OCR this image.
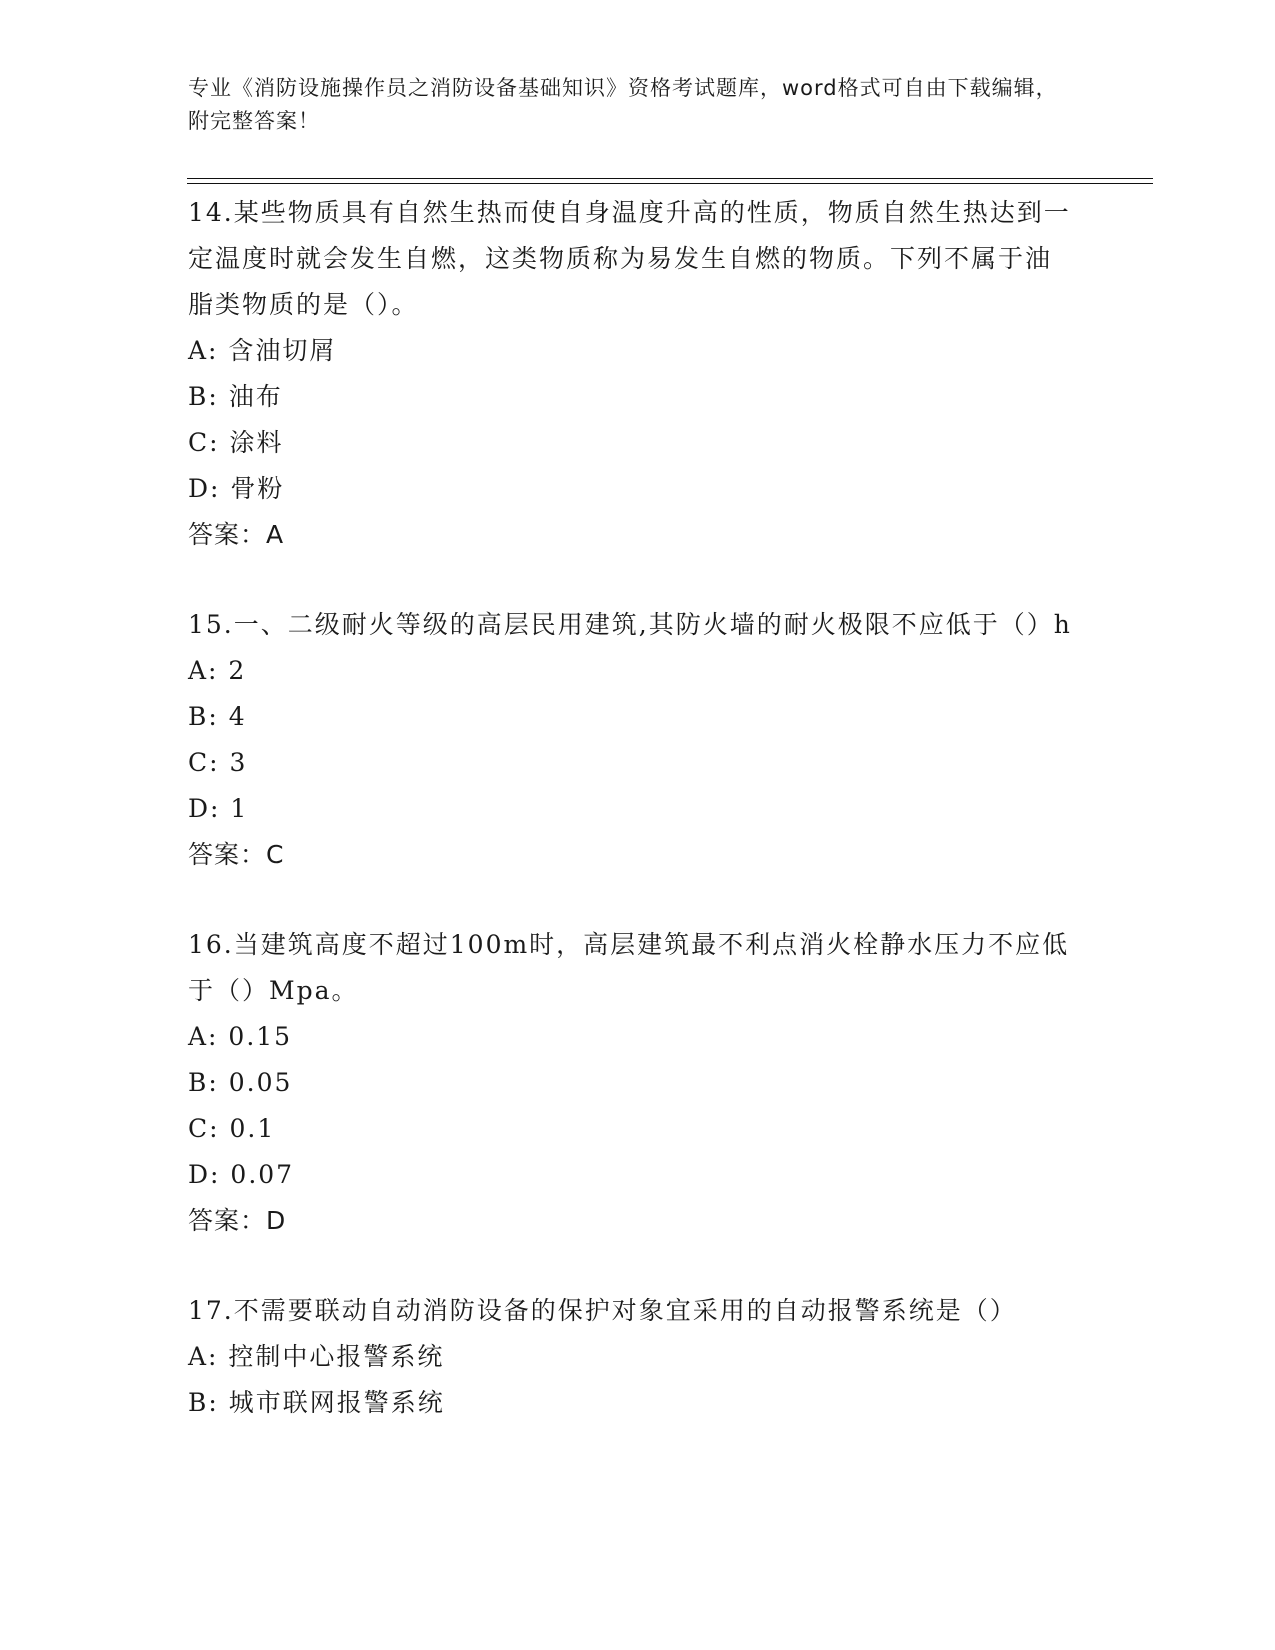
专业《消防设施操作员之消防设备基础知识》资格考试题库，word格式可自由下载编辑，附完整答案！

14.某些物质具有自然生热而使自身温度升高的性质，物质自然生热达到一定温度时就会发生自燃，这类物质称为易发生自燃的物质。下列不属于油脂类物质的是（）。

A: 含油切屑

B: 油布

C: 涂料

D: 骨粉

答案：A

15.一、二级耐火等级的高层民用建筑,其防火墙的耐火极限不应低于（）h

A: 2

B: 4

C: 3

D: 1

答案：C

16.当建筑高度不超过100m时，高层建筑最不利点消火栓静水压力不应低于（）Mpa。

A: 0.15

B: 0.05

C: 0.1

D: 0.07

答案：D

17.不需要联动自动消防设备的保护对象宜采用的自动报警系统是（）

A: 控制中心报警系统

B: 城市联网报警系统
